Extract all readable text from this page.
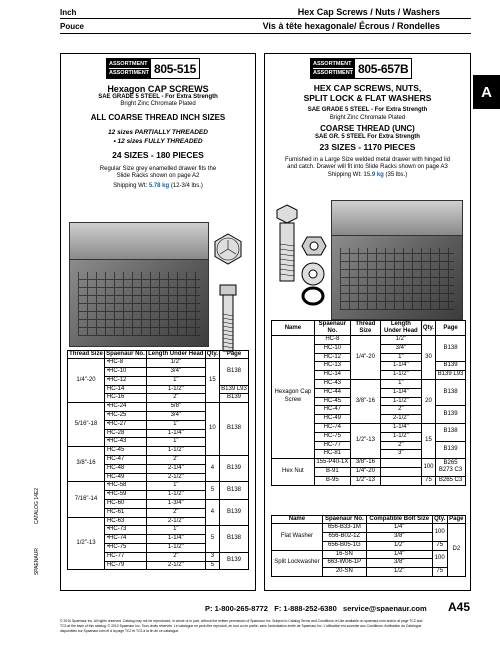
Inch
Pouce
Hex Cap Screws / Nuts / Washers
Vis à tête hexagonale/ Écrous / Rondelles
A
CATALOG 14E2
SPAENAUR
ASSORTMENT
ASSORTIMENT 805-515
Hexagon CAP SCREWS
SAE GRADE 5 STEEL - For Extra Strength
Bright Zinc Chromate Plated
ALL COARSE THREAD INCH SIZES
12 sizes PARTIALLY THREADED
• 12 sizes FULLY THREADED
24 SIZES - 180 PIECES
Regular Size grey enamelled drawer fits the
Slide Racks shown on page A2
Shipping Wt: 5.78 kg (12-3/4 lbs.)
Thread Size	Spaenaur No.	Length Under Head	Qty.	Page
1/4"-20	•HC-8	1/2"	15	B138
	•HC-10	3/4"		
	•HC-12	1"		
	HC-14	1-1/2"		B139 L93
	HC-16	2"		B139
5/16"-18	•HC-24	5/8"	10	B138
	•HC-25	3/4"		
	•HC-27	1"		
	HC-28	1-1/4"		
	•HC-43	1"		
3/8"-16	HC-45	1-1/2"		
	HC-47	2"	4	B139
	HC-48	2-1/4"		
	HC-49	2-1/2"		
7/16"-14	•HC-58	1"	5	B138
	•HC-59	1-1/2"		
	HC-60	1-3/4"	4	B139
	HC-61	2"		
1/2"-13	HC-63	2-1/2"		
	•HC-73	1"	5	B138
	•HC-74	1-1/4"		
	•HC-75	1-1/2"		
	HC-77	2"	3	B139
	HC-79	2-1/2"	5	
ASSORTMENT
ASSORTIMENT 805-657B
HEX CAP SCREWS, NUTS,
SPLIT LOCK & FLAT WASHERS
SAE GRADE 5 STEEL - For Extra Strength
Bright Zinc Chromate Plated
COARSE THREAD (UNC)
SAE GR. 5 STEEL For Extra Strength
23 SIZES - 1170 PIECES
Furnished in a Large Size welded metal drawer with hinged lid
and catch. Drawer will fit into Slide Racks shown on page A3
Shipping Wt: 15.9 kg (35 lbs.)
Name	Spaenaur No.	Thread Size	Length Under Head	Qty.	Page
Hexagon Cap Screw	HC-8	1/4"-20	1/2"	30	B138
	HC-10		3/4"		
	HC-12		1"		
	HC-13		1-1/4"		B139
	HC-14		1-1/2"		B139 L93
	HC-43	3/8"-16	1"	20	B138
	HC-44		1-1/4"		
	HC-45		1-1/2"		
	HC-47		2"		B139
	HC-49		2-1/2"		
	HC-74	1/2"-13	1-1/4"	15	B138
	HC-75		1-1/2"		
	HC-77		2"		B139
	HC-81		3"		
Hex Nut	155-P40-1X	3/8"-16		100	B265 B273 C3
	B-91	1/4"-20			
	B-95	1/2"-13		75	B265 C3
Name	Spaenaur No.	Compatible Bolt Size	Qty.	Page
Flat Washer	656-B33-1M	1/4"	100	D2
	656-B02-1Z	3/8"		
	656-B05-1G	1/2"	75	
Split Lockwasher	16-SN	1/4"	100	
	663-W06-1P	3/8"		
	20-SN	1/2"	75	
P: 1-800-265-8772 F: 1-888-252-6380 service@spaenaur.com A45
© 2010 Spaenaur Inc. All rights reserved. Catalog may not be reproduced, in whole or in part, without the written permission of Spaenaur Inc. Subject to Catalog Terms and Conditions of Use available on spaenaur.com and/or at page TC2 and
TC3 at the back of this catalog. © 2010 Spaenaur Inc. Tous droits réservés. Le catalogue ne peut être reproduit, en tout ou en partie, sans l'autorisation écrite de Spaenaur Inc. L'utilisation est soumise aux Conditions d'utilisation du Catalogue
disponibles sur Spaenaur.com et à la page TC2 et TC3 à la fin de ce catalogue.
